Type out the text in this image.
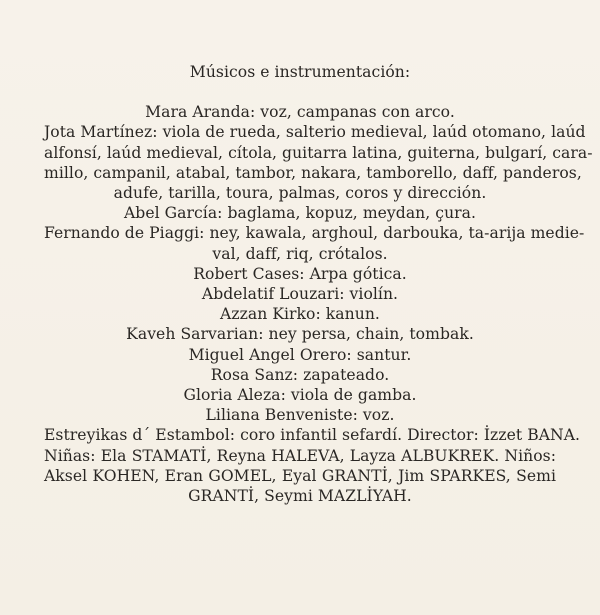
Músicos e instrumentación:
Mara Aranda: voz, campanas con arco.
Jota Martínez: viola de rueda, salterio medieval, laúd otomano, laúd
alfonsí, laúd medieval, cítola, guitarra latina, guiterna, bulgarí, cara-
millo, campanil, atabal, tambor, nakara, tamborello, daff, panderos,
adufe, tarilla, toura, palmas, coros y dirección.
Abel García: baglama, kopuz, meydan, çura.
Fernando de Piaggi: ney, kawala, arghoul, darbouka, ta-arija medie-
val, daff, riq, crótalos.
Robert Cases: Arpa gótica.
Abdelatif Louzari: violín.
Azzan Kirko: kanun.
Kaveh Sarvarian: ney persa, chain, tombak.
Miguel Angel Orero: santur.
Rosa Sanz: zapateado.
Gloria Aleza: viola de gamba.
Liliana Benveniste: voz.
Estreyikas d´ Estambol: coro infantil sefardí. Director: İzzet BANA.
Niñas: Ela STAMATİ, Reyna HALEVA, Layza ALBUKREK. Niños:
Aksel KOHEN, Eran GOMEL, Eyal GRANTİ, Jim SPARKES, Semi
GRANTİ, Seymi MAZLİYAH.
